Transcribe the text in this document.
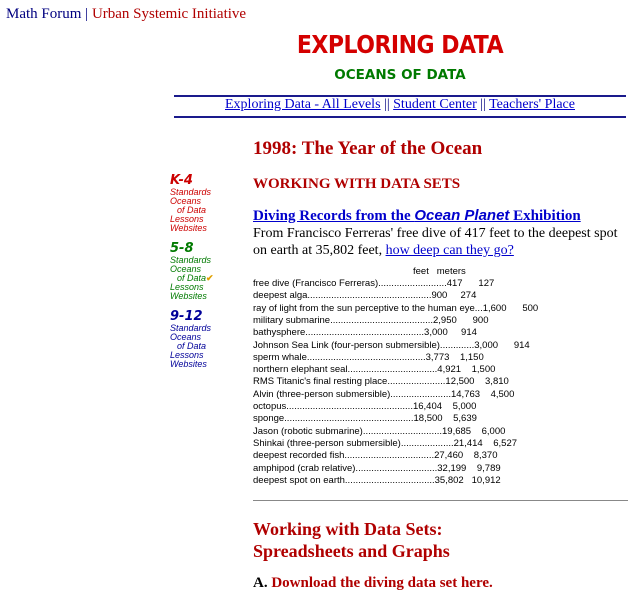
Math Forum | Urban Systemic Initiative
EXPLORING DATA
OCEANS OF DATA
Exploring Data - All Levels || Student Center || Teachers' Place
K-4
Standards
Oceans
of Data
Lessons
Websites
5-8
Standards
Oceans
of Data✔
Lessons
Websites
9-12
Standards
Oceans
of Data
Lessons
Websites
1998: The Year of the Ocean
WORKING WITH DATA SETS
Diving Records from the Ocean Planet Exhibition
From Francisco Ferreras' free dive of 417 feet to the deepest spot on earth at 35,802 feet, how deep can they go?
feet   meters
free dive (Francisco Ferreras)..........................417      127
deepest alga...............................................900     274
ray of light from the sun perceptive to the human eye...1,600      500
military submarine.......................................2,950      900
bathysphere.............................................3,000     914
Johnson Sea Link (four-person submersible).............3,000      914
sperm whale.............................................3,773    1,150
northern elephant seal..................................4,921    1,500
RMS Titanic's final resting place......................12,500    3,810
Alvin (three-person submersible).......................14,763    4,500
octopus................................................16,404    5,000
sponge.................................................18,500    5,639
Jason (robotic submarine)..............................19,685    6,000
Shinkai (three-person submersible)....................21,414    6,527
deepest recorded fish..................................27,460    8,370
amphipod (crab relative)...............................32,199    9,789
deepest spot on earth..................................35,802   10,912
Working with Data Sets:
Spreadsheets and Graphs
A. Download the diving data set here.
